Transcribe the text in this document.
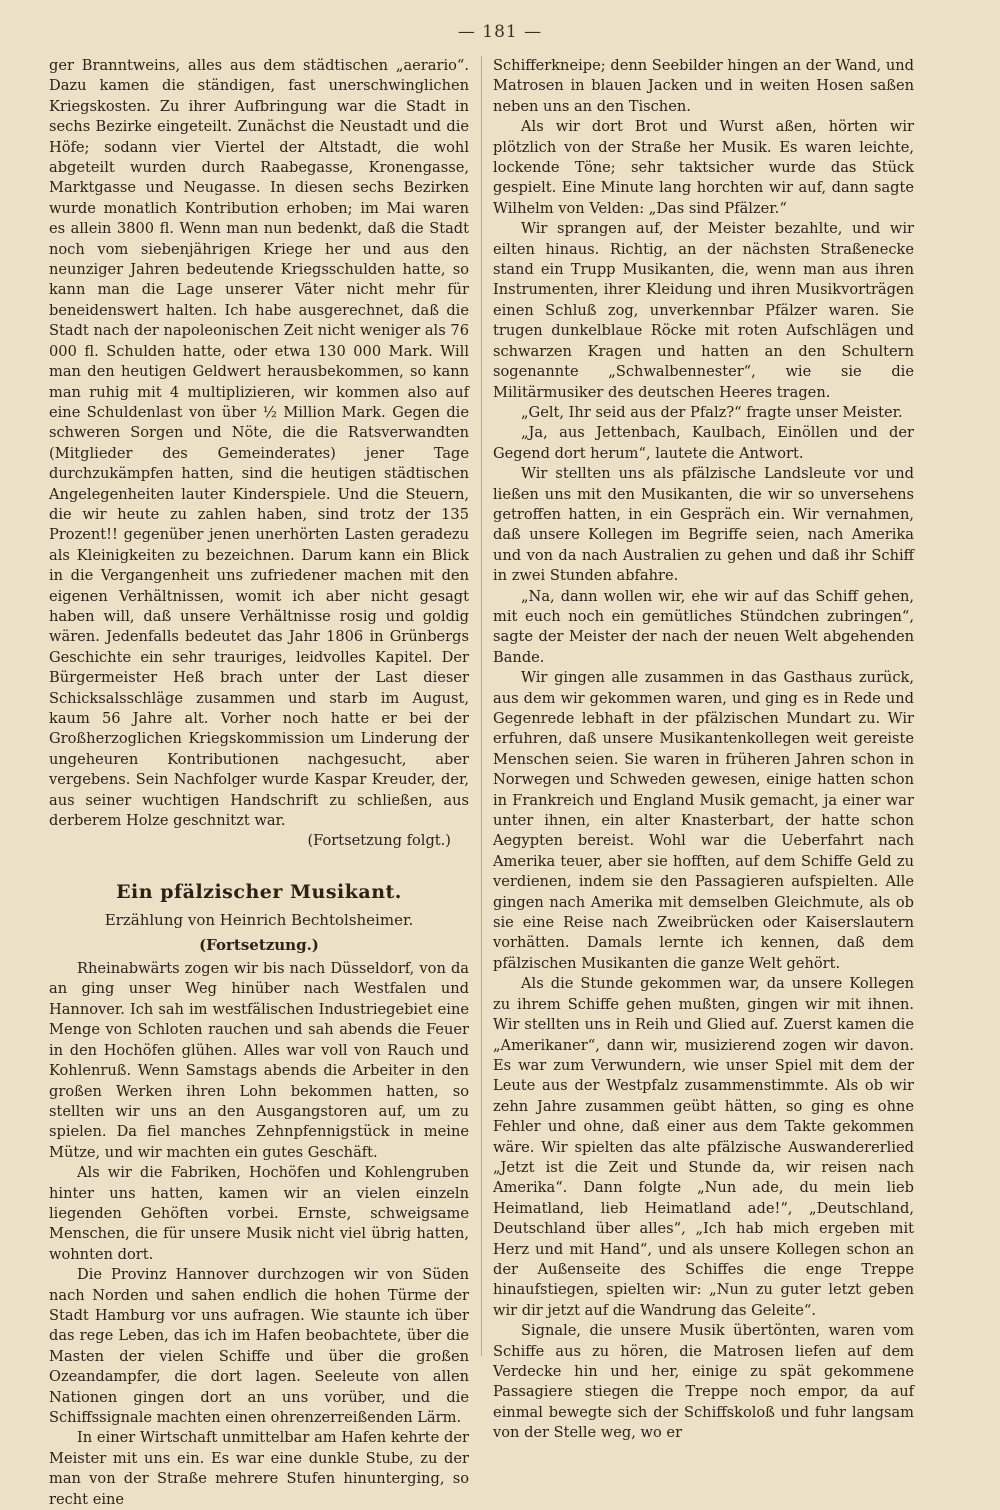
— 181 —

ger Branntweins, alles aus dem städtischen „aerario“. Dazu kamen die ständigen, fast unerschwinglichen Kriegskosten. Zu ihrer Aufbringung war die Stadt in sechs Bezirke eingeteilt. Zunächst die Neustadt und die Höfe; sodann vier Viertel der Altstadt, die wohl abgeteilt wurden durch Raabegasse, Kronengasse, Marktgasse und Neugasse. In diesen sechs Bezirken wurde monatlich Kontribution erhoben; im Mai waren es allein 3800 fl. Wenn man nun bedenkt, daß die Stadt noch vom siebenjährigen Kriege her und aus den neunziger Jahren bedeutende Kriegsschulden hatte, so kann man die Lage unserer Väter nicht mehr für beneidenswert halten. Ich habe ausgerechnet, daß die Stadt nach der napoleonischen Zeit nicht weniger als 76 000 fl. Schulden hatte, oder etwa 130 000 Mark. Will man den heutigen Geldwert herausbekommen, so kann man ruhig mit 4 multiplizieren, wir kommen also auf eine Schuldenlast von über ½ Million Mark. Gegen die schweren Sorgen und Nöte, die die Ratsverwandten (Mitglieder des Gemeinderates) jener Tage durchzukämpfen hatten, sind die heutigen städtischen Angelegenheiten lauter Kinderspiele. Und die Steuern, die wir heute zu zahlen haben, sind trotz der 135 Prozent!! gegenüber jenen unerhörten Lasten geradezu als Kleinigkeiten zu bezeichnen. Darum kann ein Blick in die Vergangenheit uns zufriedener machen mit den eigenen Verhältnissen, womit ich aber nicht gesagt haben will, daß unsere Verhältnisse rosig und goldig wären. Jedenfalls bedeutet das Jahr 1806 in Grünbergs Geschichte ein sehr trauriges, leidvolles Kapitel. Der Bürgermeister Heß brach unter der Last dieser Schicksalsschläge zusammen und starb im August, kaum 56 Jahre alt. Vorher noch hatte er bei der Großherzoglichen Kriegskommission um Linderung der ungeheuren Kontributionen nachgesucht, aber vergebens. Sein Nachfolger wurde Kaspar Kreuder, der, aus seiner wuchtigen Handschrift zu schließen, aus derberem Holze geschnitzt war.

(Fortsetzung folgt.)

Ein pfälzischer Musikant.
Erzählung von Heinrich Bechtolsheimer.
(Fortsetzung.)

Rheinabwärts zogen wir bis nach Düsseldorf, von da an ging unser Weg hinüber nach Westfalen und Hannover. Ich sah im westfälischen Industriegebiet eine Menge von Schloten rauchen und sah abends die Feuer in den Hochöfen glühen. Alles war voll von Rauch und Kohlenruß. Wenn Samstags abends die Arbeiter in den großen Werken ihren Lohn bekommen hatten, so stellten wir uns an den Ausgangstoren auf, um zu spielen. Da fiel manches Zehnpfennigstück in meine Mütze, und wir machten ein gutes Geschäft.

Als wir die Fabriken, Hochöfen und Kohlengruben hinter uns hatten, kamen wir an vielen einzeln liegenden Gehöften vorbei. Ernste, schweigsame Menschen, die für unsere Musik nicht viel übrig hatten, wohnten dort.

Die Provinz Hannover durchzogen wir von Süden nach Norden und sahen endlich die hohen Türme der Stadt Hamburg vor uns aufragen. Wie staunte ich über das rege Leben, das ich im Hafen beobachtete, über die Masten der vielen Schiffe und über die großen Ozeandampfer, die dort lagen. Seeleute von allen Nationen gingen dort an uns vorüber, und die Schiffssignale machten einen ohrenzerreißenden Lärm.

In einer Wirtschaft unmittelbar am Hafen kehrte der Meister mit uns ein. Es war eine dunkle Stube, zu der man von der Straße mehrere Stufen hinunterging, so recht eine

Schifferkneipe; denn Seebilder hingen an der Wand, und Matrosen in blauen Jacken und in weiten Hosen saßen neben uns an den Tischen.

Als wir dort Brot und Wurst aßen, hörten wir plötzlich von der Straße her Musik. Es waren leichte, lockende Töne; sehr taktsicher wurde das Stück gespielt. Eine Minute lang horchten wir auf, dann sagte Wilhelm von Velden: „Das sind Pfälzer.“

Wir sprangen auf, der Meister bezahlte, und wir eilten hinaus. Richtig, an der nächsten Straßenecke stand ein Trupp Musikanten, die, wenn man aus ihren Instrumenten, ihrer Kleidung und ihren Musikvorträgen einen Schluß zog, unverkennbar Pfälzer waren. Sie trugen dunkelblaue Röcke mit roten Aufschlägen und schwarzen Kragen und hatten an den Schultern sogenannte „Schwalbennester“, wie sie die Militärmusiker des deutschen Heeres tragen.

„Gelt, Ihr seid aus der Pfalz?“ fragte unser Meister.

„Ja, aus Jettenbach, Kaulbach, Einöllen und der Gegend dort herum“, lautete die Antwort.

Wir stellten uns als pfälzische Landsleute vor und ließen uns mit den Musikanten, die wir so unversehens getroffen hatten, in ein Gespräch ein. Wir vernahmen, daß unsere Kollegen im Begriffe seien, nach Amerika und von da nach Australien zu gehen und daß ihr Schiff in zwei Stunden abfahre.

„Na, dann wollen wir, ehe wir auf das Schiff gehen, mit euch noch ein gemütliches Stündchen zubringen“, sagte der Meister der nach der neuen Welt abgehenden Bande.

Wir gingen alle zusammen in das Gasthaus zurück, aus dem wir gekommen waren, und ging es in Rede und Gegenrede lebhaft in der pfälzischen Mundart zu. Wir erfuhren, daß unsere Musikantenkollegen weit gereiste Menschen seien. Sie waren in früheren Jahren schon in Norwegen und Schweden gewesen, einige hatten schon in Frankreich und England Musik gemacht, ja einer war unter ihnen, ein alter Knasterbart, der hatte schon Aegypten bereist. Wohl war die Ueberfahrt nach Amerika teuer, aber sie hofften, auf dem Schiffe Geld zu verdienen, indem sie den Passagieren aufspielten. Alle gingen nach Amerika mit demselben Gleichmute, als ob sie eine Reise nach Zweibrücken oder Kaiserslautern vorhätten. Damals lernte ich kennen, daß dem pfälzischen Musikanten die ganze Welt gehört.

Als die Stunde gekommen war, da unsere Kollegen zu ihrem Schiffe gehen mußten, gingen wir mit ihnen. Wir stellten uns in Reih und Glied auf. Zuerst kamen die „Amerikaner“, dann wir, musizierend zogen wir davon. Es war zum Verwundern, wie unser Spiel mit dem der Leute aus der Westpfalz zusammenstimmte. Als ob wir zehn Jahre zusammen geübt hätten, so ging es ohne Fehler und ohne, daß einer aus dem Takte gekommen wäre. Wir spielten das alte pfälzische Auswandererlied „Jetzt ist die Zeit und Stunde da, wir reisen nach Amerika“. Dann folgte „Nun ade, du mein lieb Heimatland, lieb Heimatland ade!“, „Deutschland, Deutschland über alles“, „Ich hab mich ergeben mit Herz und mit Hand“, und als unsere Kollegen schon an der Außenseite des Schiffes die enge Treppe hinaufstiegen, spielten wir: „Nun zu guter letzt geben wir dir jetzt auf die Wandrung das Geleite“.

Signale, die unsere Musik übertönten, waren vom Schiffe aus zu hören, die Matrosen liefen auf dem Verdecke hin und her, einige zu spät gekommene Passagiere stiegen die Treppe noch empor, da auf einmal bewegte sich der Schiffskoloß und fuhr langsam von der Stelle weg, wo er
